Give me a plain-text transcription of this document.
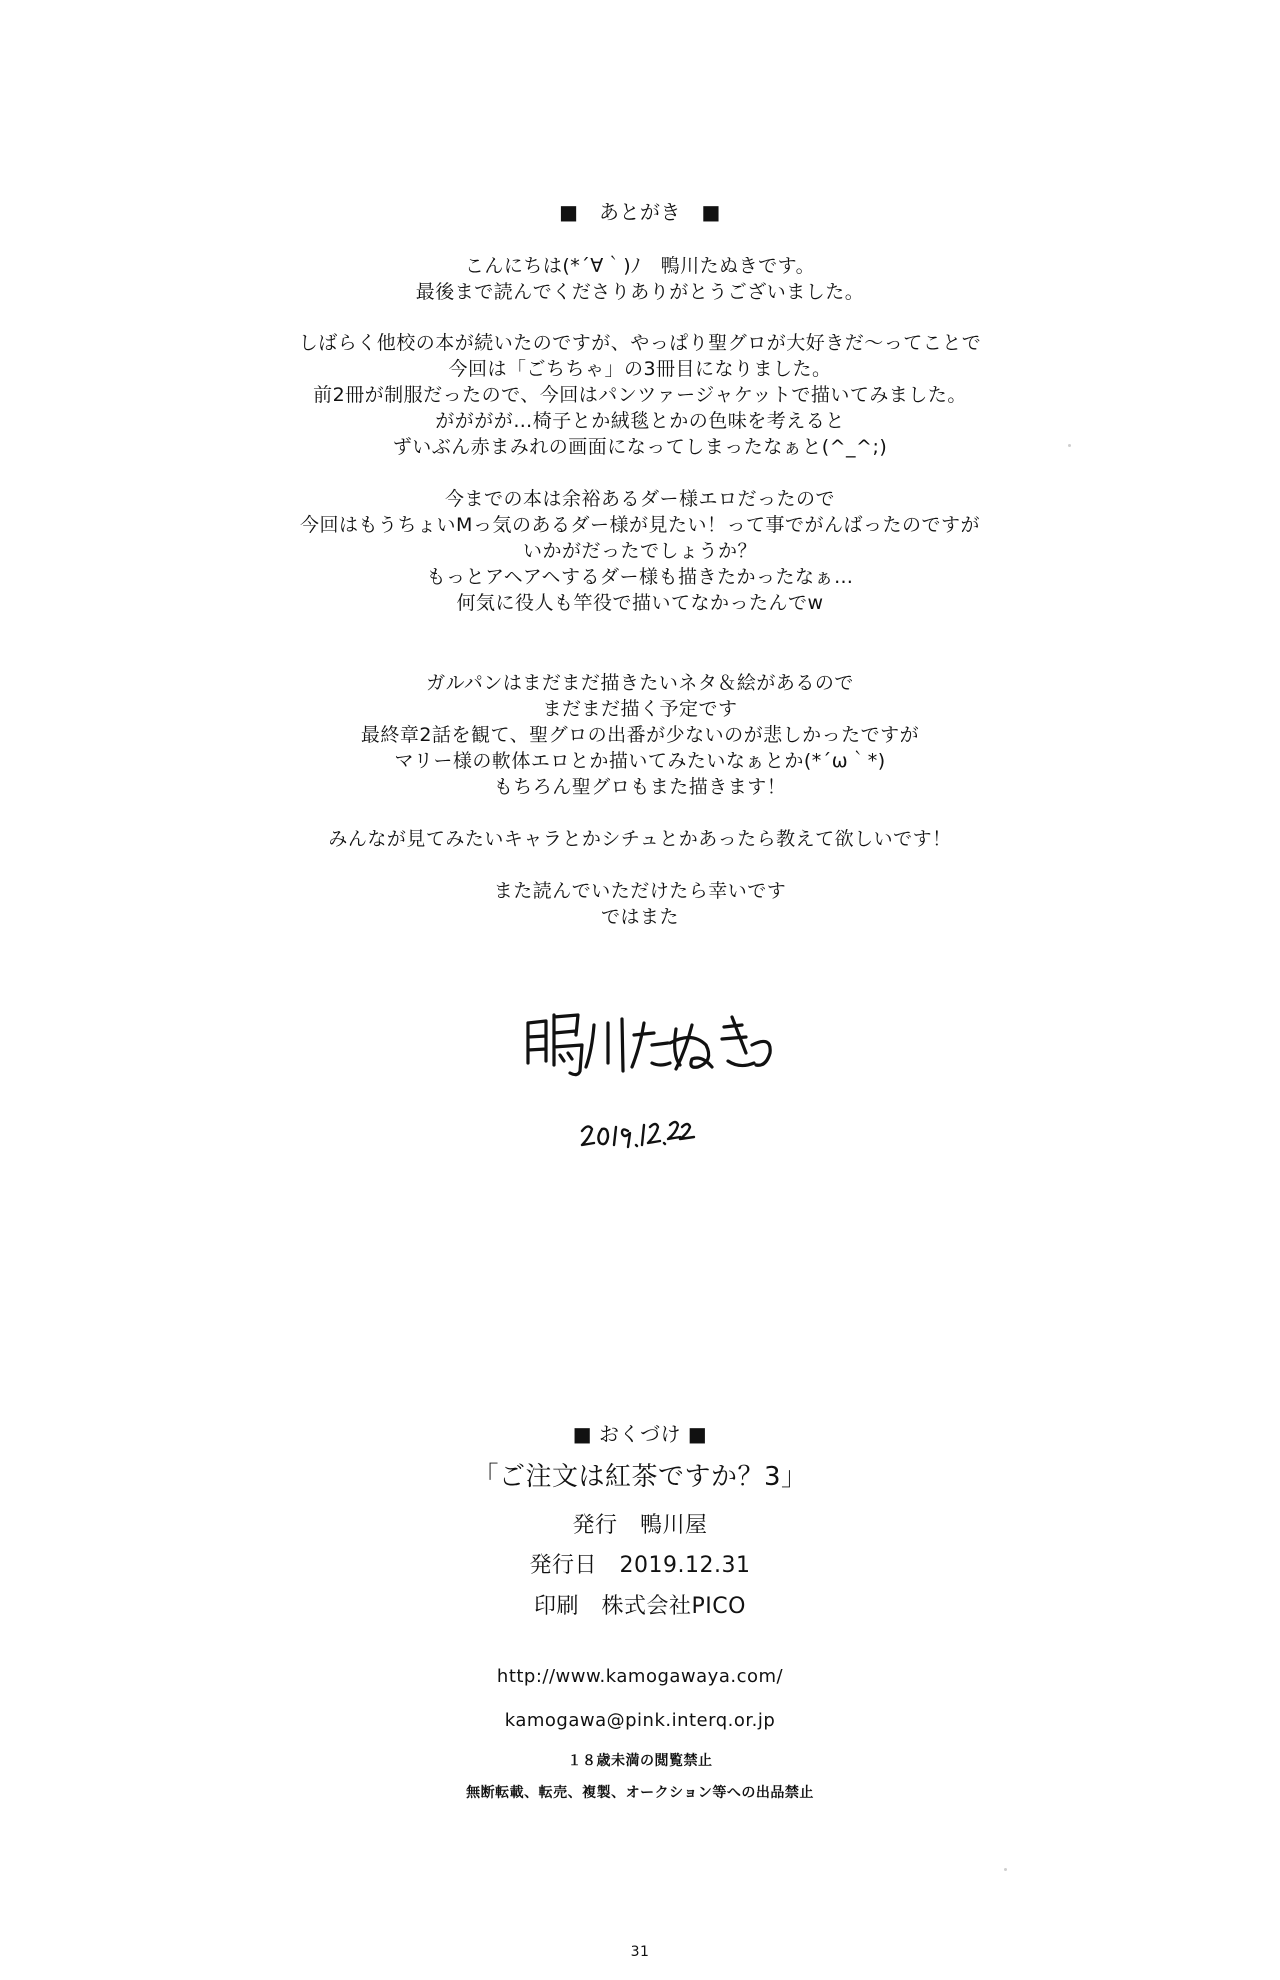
■　あとがき　■
こんにちは(*´∀｀)ﾉ　鴨川たぬきです。
最後まで読んでくださりありがとうございました。
しばらく他校の本が続いたのですが、やっぱり聖グロが大好きだ～ってことで
今回は「ごちちゃ」の3冊目になりました。
前2冊が制服だったので、今回はパンツァージャケットで描いてみました。
がががが…椅子とか絨毯とかの色味を考えると
ずいぶん赤まみれの画面になってしまったなぁと(^_^;)
今までの本は余裕あるダー様エロだったので
今回はもうちょいMっ気のあるダー様が見たい！って事でがんばったのですが
いかがだったでしょうか？
もっとアヘアヘするダー様も描きたかったなぁ…
何気に役人も竿役で描いてなかったんでw
ガルパンはまだまだ描きたいネタ＆絵があるので
まだまだ描く予定です
最終章2話を観て、聖グロの出番が少ないのが悲しかったですが
マリー様の軟体エロとか描いてみたいなぁとか(*´ω｀*)
もちろん聖グロもまた描きます！
みんなが見てみたいキャラとかシチュとかあったら教えて欲しいです！
また読んでいただけたら幸いです
ではまた
■ おくづけ ■
「ご注文は紅茶ですか？3」
発行　鴨川屋
発行日　2019.12.31
印刷　株式会社PICO
http://www.kamogawaya.com/
kamogawa@pink.interq.or.jp
１８歳未満の閲覧禁止
無断転載、転売、複製、オークション等への出品禁止
31
